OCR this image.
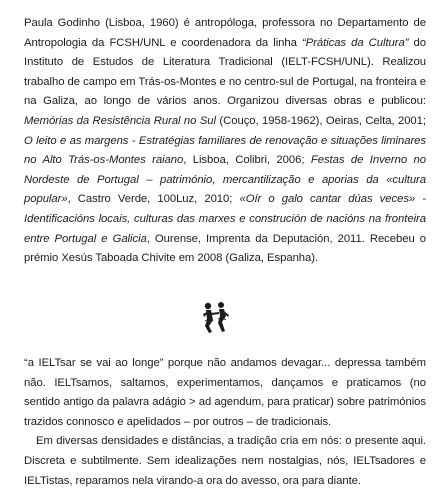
Paula Godinho (Lisboa, 1960) é antropóloga, professora no Departamento de Antropologia da FCSH/UNL e coordenadora da linha “Práticas da Cultura” do Instituto de Estudos de Literatura Tradicional (IELT-FCSH/UNL). Realizou trabalho de campo em Trás-os-Montes e no centro-sul de Portugal, na fronteira e na Galiza, ao longo de vários anos. Organizou diversas obras e publicou: Memórias da Resistência Rural no Sul (Couço, 1958-1962), Oeiras, Celta, 2001; O leito e as margens - Estratégias familiares de renovação e situações liminares no Alto Trás-os-Montes raiano, Lisboa, Colibri, 2006; Festas de Inverno no Nordeste de Portugal – património, mercantilização e aporias da «cultura popular», Castro Verde, 100Luz, 2010; «Oír o galo cantar dúas veces» -Identificacións locais, culturas das marxes e construción de nacións na fronteira entre Portugal e Galicia, Ourense, Imprenta da Deputación, 2011. Recebeu o prémio Xesús Taboada Chivite em 2008 (Galiza, Espanha).

“a IELTsar se vai ao longe” porque não andamos devagar... depressa também não. IELTsamos, saltamos, experimentamos, dançamos e praticamos (no sentido antigo da palavra adágio > ad agendum, para praticar) sobre patrimónios trazidos connosco e apelidados – por outros – de tradicionais.

Em diversas densidades e distâncias, a tradição cria em nós: o presente aqui. Discreta e subtilmente. Sem idealizações nem nostalgias, nós, IELTsadores e IELTistas, reparamos nela virando-a ora do avesso, ora para diante.
